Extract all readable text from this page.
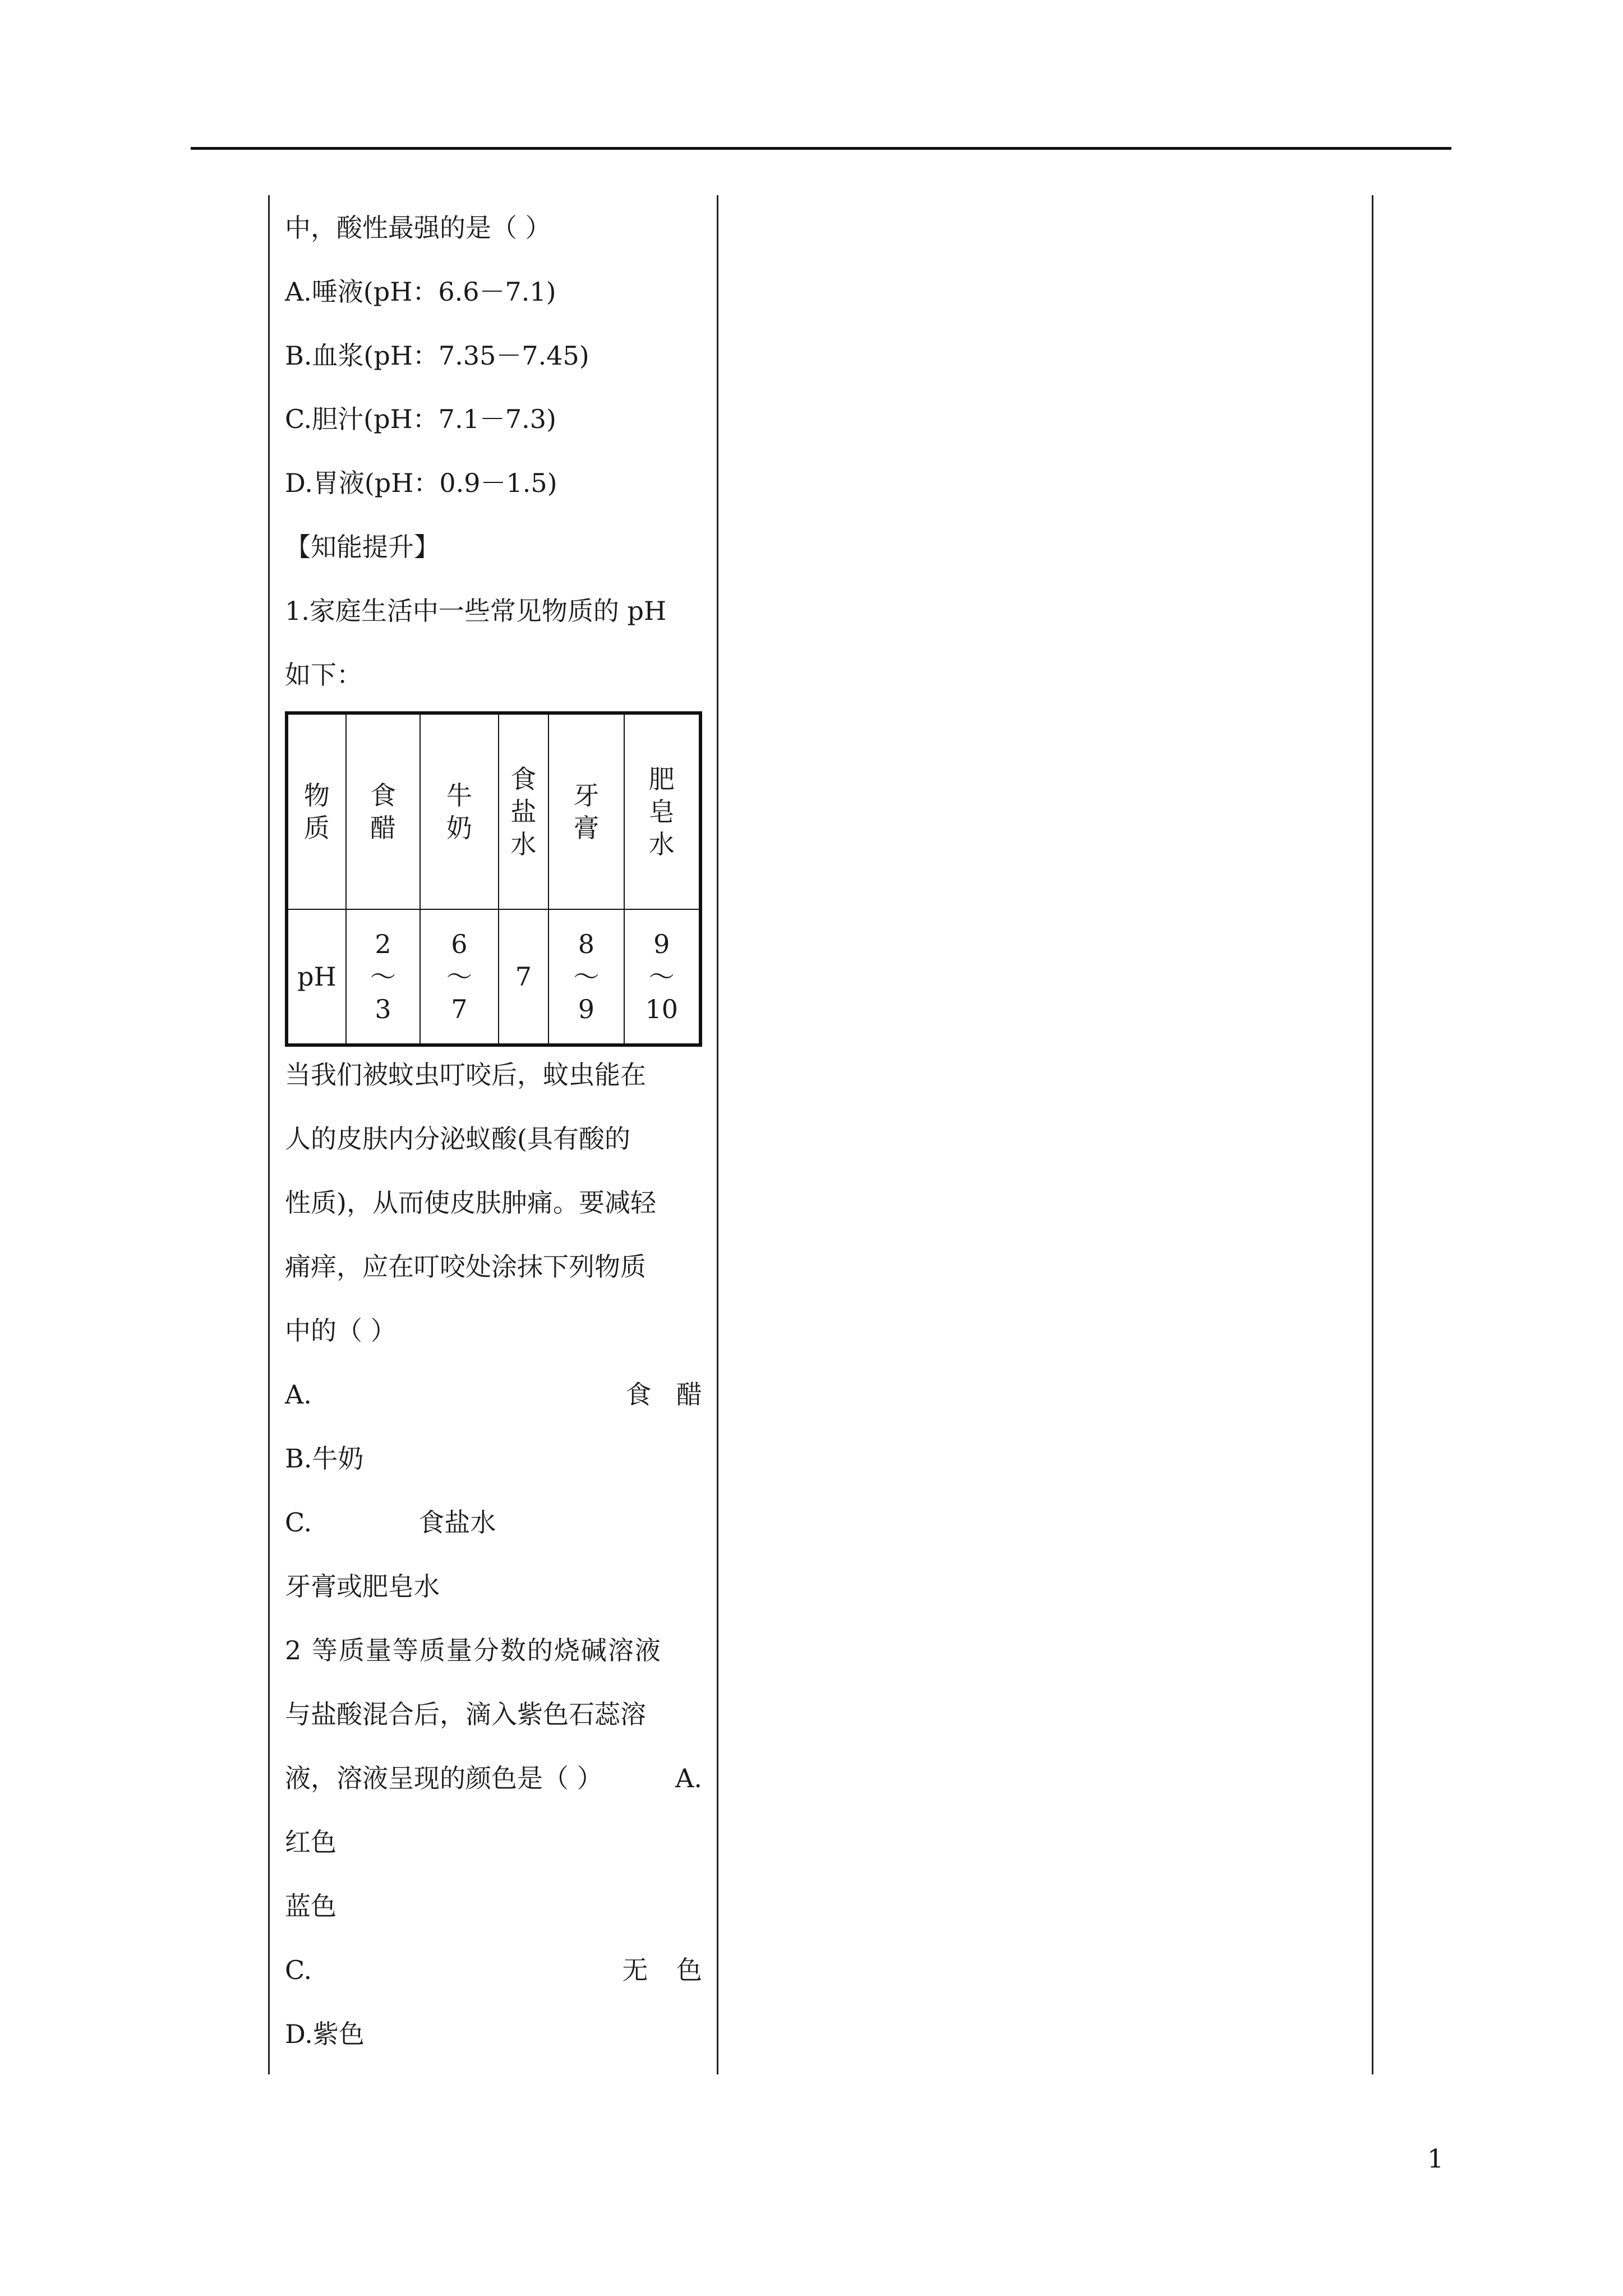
中，酸性最强的是（ ）
A.唾液(pH：6.6－7.1)
B.血浆(pH：7.35－7.45)
C.胆汁(pH：7.1－7.3)
D.胃液(pH：0.9－1.5)
【知能提升】
1.家庭生活中一些常见物质的 pH
如下：
物质	食醋	牛奶	食盐水	牙膏	肥皂水
pH	2～3	6～7	7	8～9	9～10
当我们被蚊虫叮咬后，蚊虫能在
人的皮肤内分泌蚁酸(具有酸的
性质)，从而使皮肤肿痛。要减轻
痛痒，应在叮咬处涂抹下列物质
中的（ ）
A.	食 醋
B.牛奶
C.	食盐水
牙膏或肥皂水
2 等质量等质量分数的烧碱溶液
与盐酸混合后，滴入紫色石蕊溶
液，溶液呈现的颜色是（ ）	A.
红色
蓝色
C.	无 色
D.紫色
1
